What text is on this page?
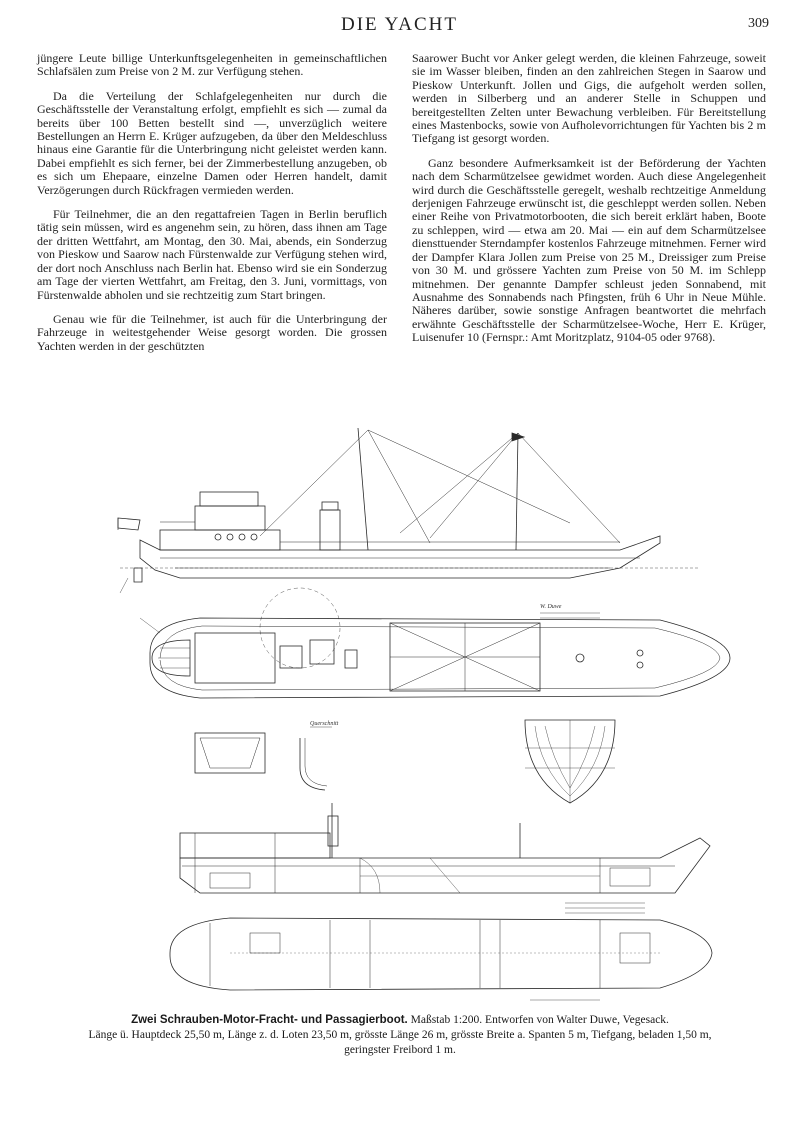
DIE YACHT	309

jüngere Leute billige Unterkunftsgelegenheiten in gemeinschaftlichen Schlafsälen zum Preise von 2 M. zur Verfügung stehen.

Da die Verteilung der Schlafgelegenheiten nur durch die Geschäftsstelle der Veranstaltung erfolgt, empfiehlt es sich — zumal da bereits über 100 Betten bestellt sind —, unverzüglich weitere Bestellungen an Herrn E. Krüger aufzugeben, da über den Meldeschluss hinaus eine Garantie für die Unterbringung nicht geleistet werden kann. Dabei empfiehlt es sich ferner, bei der Zimmerbestellung anzugeben, ob es sich um Ehepaare, einzelne Damen oder Herren handelt, damit Verzögerungen durch Rückfragen vermieden werden.

Für Teilnehmer, die an den regattafreien Tagen in Berlin beruflich tätig sein müssen, wird es angenehm sein, zu hören, dass ihnen am Tage der dritten Wettfahrt, am Montag, den 30. Mai, abends, ein Sonderzug von Pieskow und Saarow nach Fürstenwalde zur Verfügung stehen wird, der dort noch Anschluss nach Berlin hat. Ebenso wird sie ein Sonderzug am Tage der vierten Wettfahrt, am Freitag, den 3. Juni, vormittags, von Fürstenwalde abholen und sie rechtzeitig zum Start bringen.

Genau wie für die Teilnehmer, ist auch für die Unterbringung der Fahrzeuge in weitestgehender Weise gesorgt worden. Die grossen Yachten werden in der geschützten

Saarower Bucht vor Anker gelegt werden, die kleinen Fahrzeuge, soweit sie im Wasser bleiben, finden an den zahlreichen Stegen in Saarow und Pieskow Unterkunft. Jollen und Gigs, die aufgeholt werden sollen, werden in Silberberg und an anderer Stelle in Schuppen und bereitgestellten Zelten unter Bewachung verbleiben. Für Bereitstellung eines Mastenbocks, sowie von Aufholevorrichtungen für Yachten bis 2 m Tiefgang ist gesorgt worden.

Ganz besondere Aufmerksamkeit ist der Beförderung der Yachten nach dem Scharmützelsee gewidmet worden. Auch diese Angelegenheit wird durch die Geschäftsstelle geregelt, weshalb rechtzeitige Anmeldung derjenigen Fahrzeuge erwünscht ist, die geschleppt werden sollen. Neben einer Reihe von Privatmotorbooten, die sich bereit erklärt haben, Boote zu schleppen, wird — etwa am 20. Mai — ein auf dem Scharmützelsee diensttuender Sterndampfer kostenlos Fahrzeuge mitnehmen. Ferner wird der Dampfer Klara Jollen zum Preise von 25 M., Dreissiger zum Preise von 30 M. und grössere Yachten zum Preise von 50 M. im Schlepp mitnehmen. Der genannte Dampfer schleust jeden Sonnabend, mit Ausnahme des Sonnabends nach Pfingsten, früh 6 Uhr in Neue Mühle. Näheres darüber, sowie sonstige Anfragen beantwortet die mehrfach erwähnte Geschäftsstelle der Scharmützelsee-Woche, Herr E. Krüger, Luisenufer 10 (Fernspr.: Amt Moritzplatz, 9104-05 oder 9768).

W. Duwe
Querschnitt
Zwei Schrauben-Motor-Fracht- und Passagierboot. Maßstab 1:200. Entworfen von Walter Duwe, Vegesack.
Länge ü. Hauptdeck 25,50 m, Länge z. d. Loten 23,50 m, grösste Länge 26 m, grösste Breite a. Spanten 5 m, Tiefgang, beladen 1,50 m,
geringster Freibord 1 m.
